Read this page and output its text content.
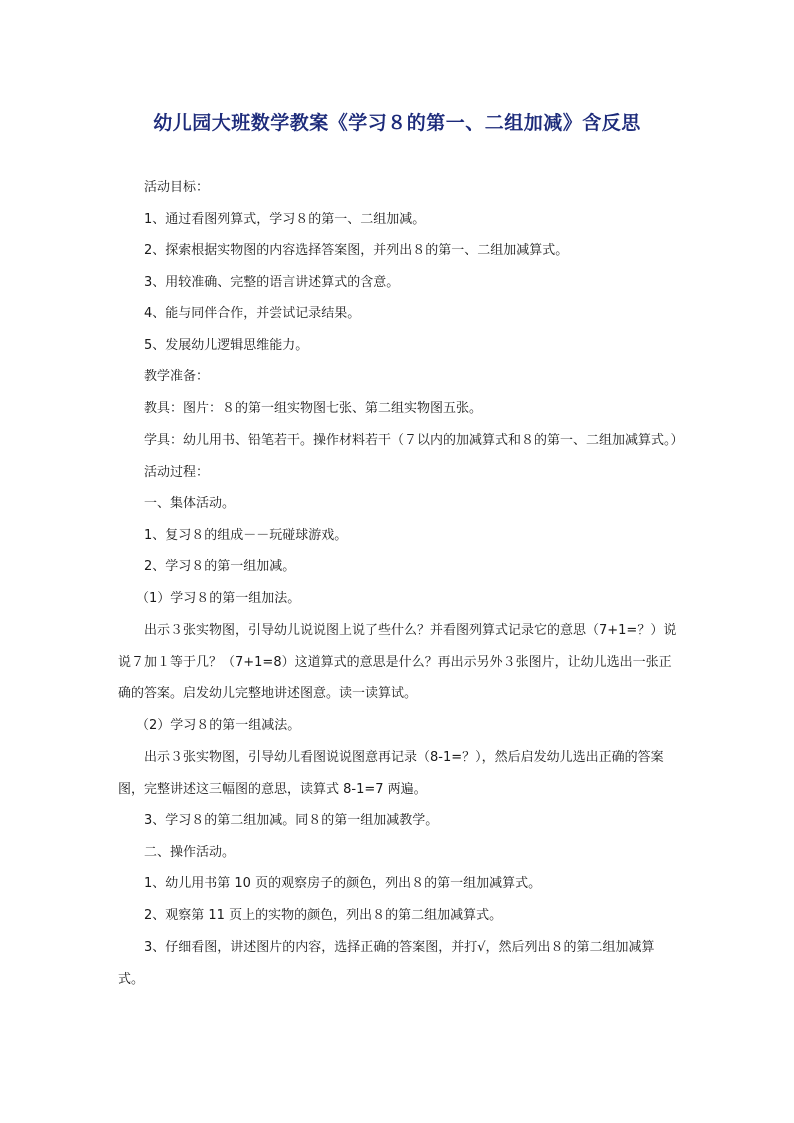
幼儿园大班数学教案《学习８的第一、二组加减》含反思

活动目标：

1、通过看图列算式，学习８的第一、二组加减。

2、探索根据实物图的内容选择答案图，并列出８的第一、二组加减算式。

3、用较准确、完整的语言讲述算式的含意。

4、能与同伴合作，并尝试记录结果。

5、发展幼儿逻辑思维能力。

教学准备：

教具：图片：８的第一组实物图七张、第二组实物图五张。

学具：幼儿用书、铅笔若干。操作材料若干（７以内的加减算式和８的第一、二组加减算式。）

活动过程：

一、集体活动。

1、复习８的组成－－玩碰球游戏。

2、学习８的第一组加减。

（1）学习８的第一组加法。

出示３张实物图，引导幼儿说说图上说了些什么？并看图列算式记录它的意思（7+1=？）说说７加１等于几？（7+1=8）这道算式的意思是什么？再出示另外３张图片，让幼儿选出一张正确的答案。启发幼儿完整地讲述图意。读一读算试。

（2）学习８的第一组减法。

出示３张实物图，引导幼儿看图说说图意再记录（8-1=？），然后启发幼儿选出正确的答案图，完整讲述这三幅图的意思，读算式 8-1=7 两遍。

3、学习８的第二组加减。同８的第一组加减教学。

二、操作活动。

1、幼儿用书第 10 页的观察房子的颜色，列出８的第一组加减算式。

2、观察第 11 页上的实物的颜色，列出８的第二组加减算式。

3、仔细看图，讲述图片的内容，选择正确的答案图，并打√，然后列出８的第二组加减算式。
